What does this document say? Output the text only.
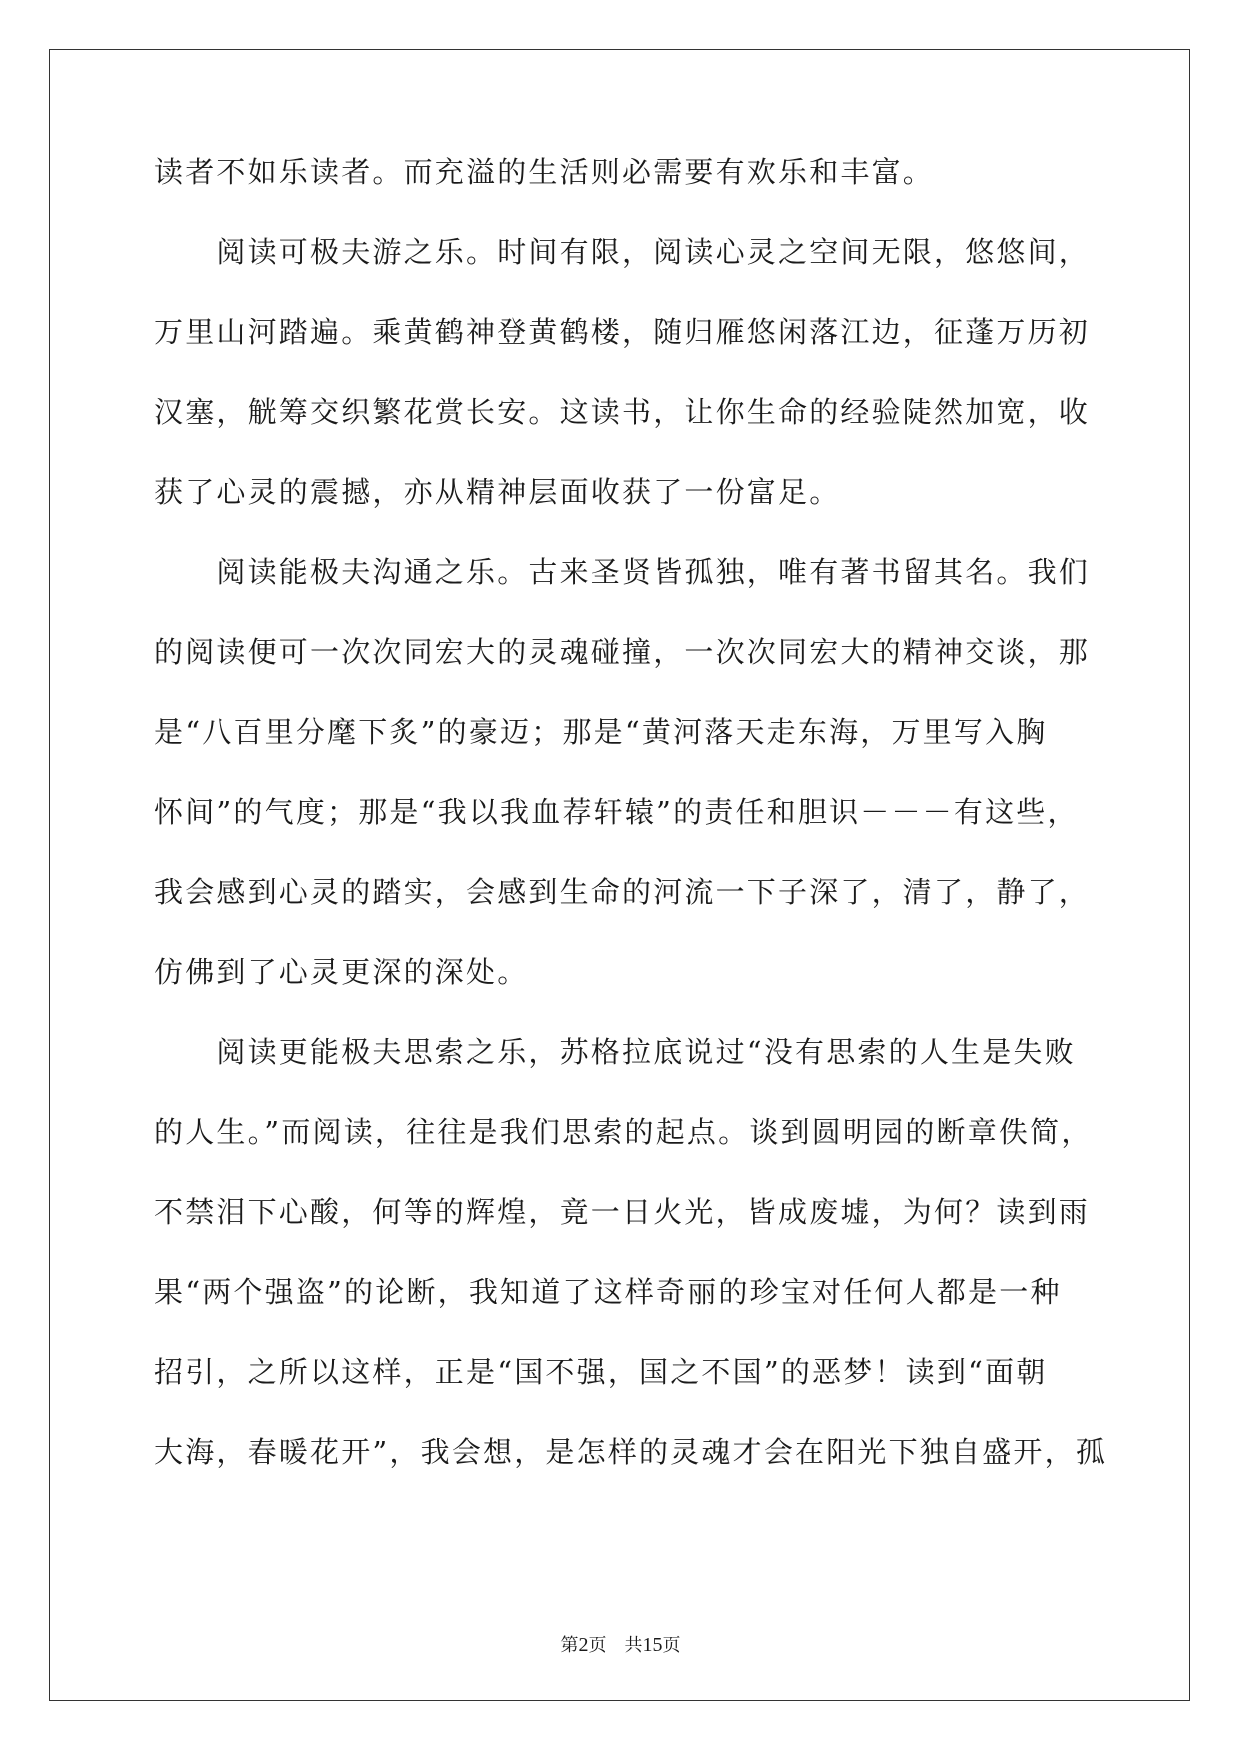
读者不如乐读者。而充溢的生活则必需要有欢乐和丰富。
　　阅读可极夫游之乐。时间有限，阅读心灵之空间无限，悠悠间，
万里山河踏遍。乘黄鹤神登黄鹤楼，随归雁悠闲落江边，征蓬万历初
汉塞，觥筹交织繁花赏长安。这读书，让你生命的经验陡然加宽，收
获了心灵的震撼，亦从精神层面收获了一份富足。
　　阅读能极夫沟通之乐。古来圣贤皆孤独，唯有著书留其名。我们
的阅读便可一次次同宏大的灵魂碰撞，一次次同宏大的精神交谈，那
是“八百里分麾下炙”的豪迈；那是“黄河落天走东海，万里写入胸
怀间”的气度；那是“我以我血荐轩辕”的责任和胆识－－－有这些，
我会感到心灵的踏实，会感到生命的河流一下子深了，清了，静了，
仿佛到了心灵更深的深处。
　　阅读更能极夫思索之乐，苏格拉底说过“没有思索的人生是失败
的人生。”而阅读，往往是我们思索的起点。谈到圆明园的断章佚简，
不禁泪下心酸，何等的辉煌，竟一日火光，皆成废墟，为何？读到雨
果“两个强盗”的论断，我知道了这样奇丽的珍宝对任何人都是一种
招引，之所以这样，正是“国不强，国之不国”的恶梦！读到“面朝
大海，春暖花开”，我会想，是怎样的灵魂才会在阳光下独自盛开，孤
第2页　共15页
